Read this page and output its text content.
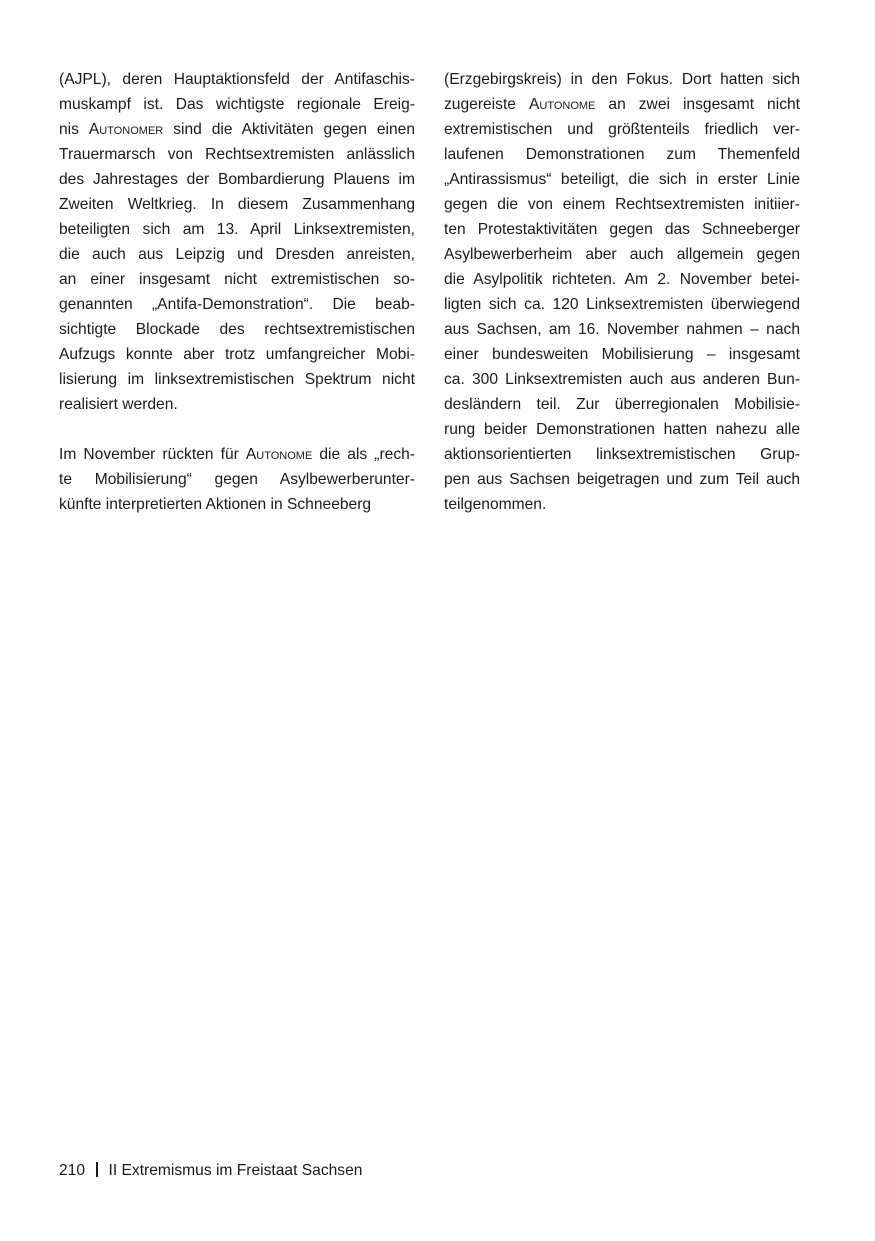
(AJPL), deren Hauptaktionsfeld der Antifaschis-
muskampf ist. Das wichtigste regionale Ereig-
nis Autonomer sind die Aktivitäten gegen einen
Trauermarsch von Rechtsextremisten anlässlich
des Jahrestages der Bombardierung Plauens im
Zweiten Weltkrieg. In diesem Zusammenhang
beteiligten sich am 13. April Linksextremisten,
die auch aus Leipzig und Dresden anreisten,
an einer insgesamt nicht extremistischen so-
genannten „Antifa-Demonstration“. Die beab-
sichtigte Blockade des rechtsextremistischen
Aufzugs konnte aber trotz umfangreicher Mobi-
lisierung im linksextremistischen Spektrum nicht
realisiert werden.
Im November rückten für Autonome die als „rech-
te Mobilisierung“ gegen Asylbewerberunter-
künfte interpretierten Aktionen in Schneeberg
(Erzgebirgskreis) in den Fokus. Dort hatten sich
zugereiste Autonome an zwei insgesamt nicht
extremistischen und größtenteils friedlich ver-
laufenen Demonstrationen zum Themenfeld
„Antirassismus“ beteiligt, die sich in erster Linie
gegen die von einem Rechtsextremisten initiier-
ten Protestaktivitäten gegen das Schneeberger
Asylbewerberheim aber auch allgemein gegen
die Asylpolitik richteten. Am 2. November betei-
ligten sich ca. 120 Linksextremisten überwiegend
aus Sachsen, am 16. November nahmen – nach
einer bundesweiten Mobilisierung – insgesamt
ca. 300 Linksextremisten auch aus anderen Bun-
desländern teil. Zur überregionalen Mobilisie-
rung beider Demonstrationen hatten nahezu alle
aktionsorientierten linksextremistischen Grup-
pen aus Sachsen beigetragen und zum Teil auch
teilgenommen.
210 II Extremismus im Freistaat Sachsen
